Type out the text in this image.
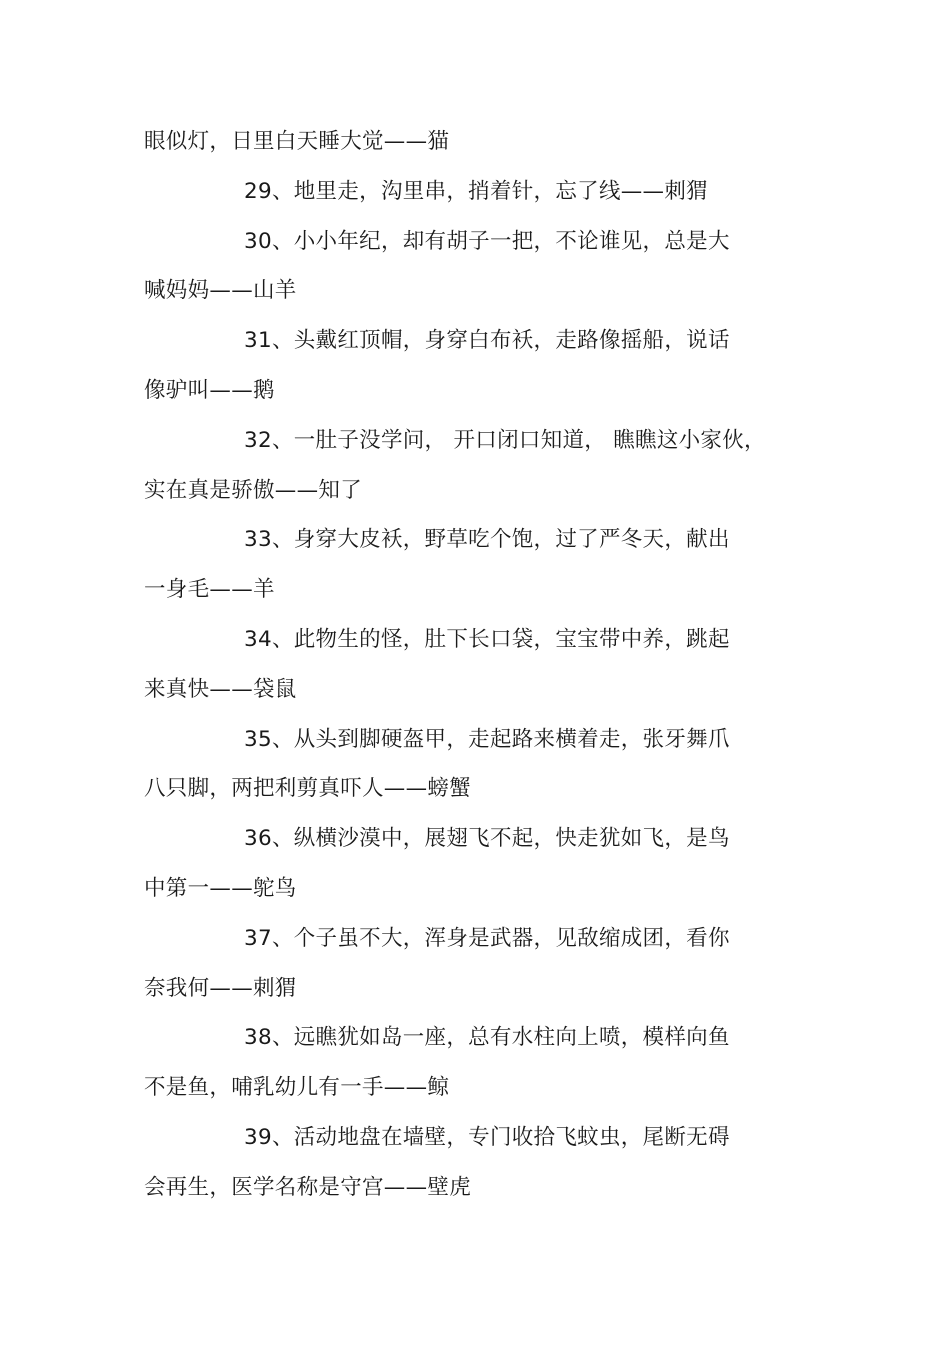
眼似灯，日里白天睡大觉——猫
29、地里走，沟里串，捎着针，忘了线——刺猬
30、小小年纪，却有胡子一把，不论谁见，总是大
喊妈妈——山羊
31、头戴红顶帽，身穿白布袄，走路像摇船，说话
像驴叫——鹅
32、一肚子没学问， 开口闭口知道， 瞧瞧这小家伙，
实在真是骄傲——知了
33、身穿大皮袄，野草吃个饱，过了严冬天，献出
一身毛——羊
34、此物生的怪，肚下长口袋，宝宝带中养，跳起
来真快——袋鼠
35、从头到脚硬盔甲，走起路来横着走，张牙舞爪
八只脚，两把利剪真吓人——螃蟹
36、纵横沙漠中，展翅飞不起，快走犹如飞，是鸟
中第一——鸵鸟
37、个子虽不大，浑身是武器，见敌缩成团，看你
奈我何——刺猬
38、远瞧犹如岛一座，总有水柱向上喷，模样向鱼
不是鱼，哺乳幼儿有一手——鲸
39、活动地盘在墙壁，专门收拾飞蚊虫，尾断无碍
会再生，医学名称是守宫——壁虎
